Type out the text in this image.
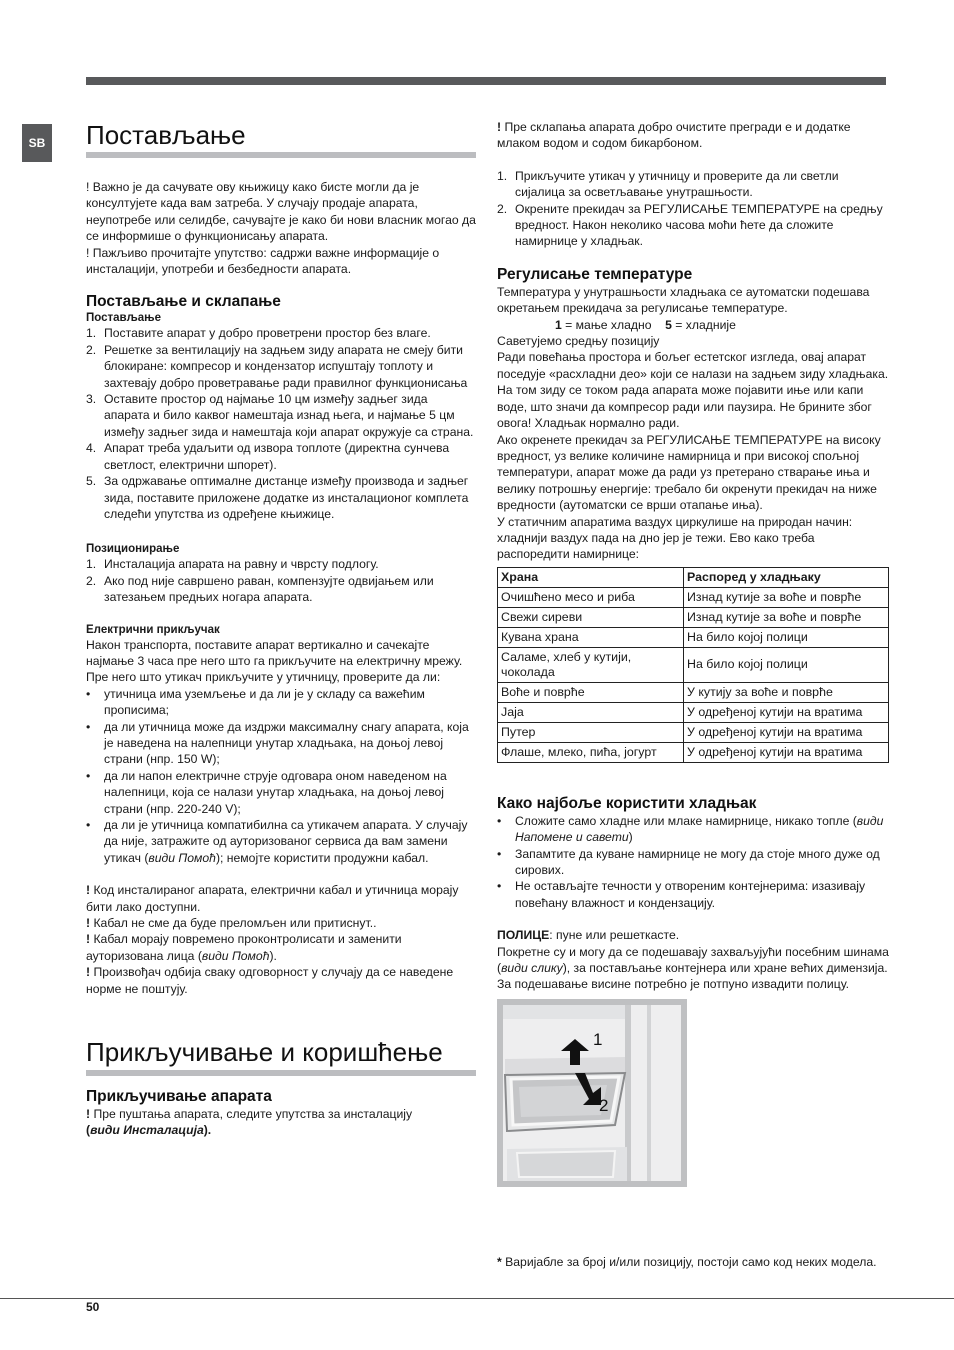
SB Постављање

! Важно је да сачувате ову књижицу како бисте могли да је консултујете када вам затреба. У случају продаје апарата, неупотребе или селидбе, сачувајте је како би нови власник могао да се информише о функционисању апарата.

! Пажљиво прочитајте упутство: садржи важне информације о инсталацији, употреби и безбедности апарата.

Постављање и склапање
Постављање
1. Поставите апарат у добро проветрени простор без влаге.
2. Решетке за вентилацију на задњем зиду апарата не смеју бити блокиране: компресор и кондензатор испуштају топлоту и захтевају добро проветравање ради правилног функционисања
3. Оставите простор од најмање 10 цм између задњег зида апарата и било каквог намештаја изнад њега, и најмање 5 цм између задњег зида и намештаја који апарат окружује са страна.
4. Апарат треба удаљити од извора топлоте (директна сунчева светлост, електрични шпорет).
5. За одржавање оптималне дистанце између производа и задњег зида, поставите приложене додатке из инсталационог комплета следећи упутства из одређене књижице.
Позиционирање
1. Инсталација апарата на равну и чврсту подлогу.
2. Ако под није савршено раван, компензујте одвијањем или затезањем предњих ногара апарата.
Електрични прикључак

Након транспорта, поставите апарат вертикално и сачекајте најмање 3 часа пре него што га прикључите на електричну мрежу. Пре него што утикач прикључите у утичницу, проверите да ли:

• утичница има уземљење и да ли је у складу са важећим прописима;
• да ли утичница може да издржи максималну снагу апарата, која је наведена на налепници унутар хладњака, на доњој левој страни (нпр. 150 W);
• да ли напон електричне струје одговара оном наведеном на налепници, која се налази унутар хладњака, на доњој левој страни (нпр. 220-240 V);
• да ли је утичница компатибилна са утикачем апарата. У случају да није, затражите од ауторизованог сервиса да вам замени утикач (види Помоћ); немојте користити продужни кабал.

! Код инсталираног апарата, електрични кабал и утичница морају бити лако доступни.

! Кабал не сме да буде преломљен или притиснут..

! Кабал морају повремено проконтролисати и заменити ауторизована лица (види Помоћ).

! Произвођач одбија сваку одговорност у случају да се наведене норме не поштују.

Прикључивање и коришћење
Прикључивање апарата

! Пре пуштања апарата, следите упутства за инсталацију
(види Инсталација).

! Пре склапања апарата добро очистите прегради е и додатке млаком водом и содом бикарбоном.

1. Прикључите утикач у утичницу и проверите да ли светли сијалица за осветљавање унутрашњости.
2. Окрените прекидач за РЕГУЛИСАЊЕ ТЕМПЕРАТУРЕ на средњу вредност. Након неколико часова моћи ћете да сложите намирнице у хладњак.
Регулисање температуре

Температура у унутрашњости хладњака се аутоматски подешава окретањем прекидача за регулисање температуре.

1 = мање хладно 5 = хладније

Саветујемо средњу позицију

Ради повећања простора и бољег естетског изгледа, овај апарат поседује «расхладни део» који се налази на задњем зиду хладњака. На том зиду се током рада апарата може појавити иње или капи воде, што значи да компресор ради или паузира. Не брините због овога! Хладњак нормално ради.

Ако окренете прекидач за РЕГУЛИСАЊЕ ТЕМПЕРАТУРЕ на високу вредност, уз велике количине намирница и при високој спољној температури, апарат може да ради уз претерано стварање иња и велику потрошњу енергије: требало би окренути прекидач на ниже вредности (аутоматски се врши отапање иња).

У статичним апаратима ваздух циркулише на природан начин: хладнији ваздух пада на дно јер је тежи. Ево како треба распоредити намирнице:

Храна	Распоред у хладњаку
Очишћено месо и риба	Изнад кутије за воће и поврће
Свежи сиреви	Изнад кутије за воће и поврће
Кувана храна	На било којој полици
Саламе, хлеб у кутији, чоколада	На било којој полици
Воће и поврће	У кутију за воће и поврће
Јаја	У одређеној кутији на вратима
Путер	У одређеној кутији на вратима
Флаше, млеко, пића, јогурт	У одређеној кутији на вратима
Како најбоље користити хладњак
• Сложите само хладне или млаке намирнице, никако топле (види Напомене и савети)
• Запамтите да куване намирнице не могу да стоје много дуже од сирових.
• Не остављајте течности у отвореним контејнерима: изазивају повећану влажност и кондензацију.

ПОЛИЦЕ: пуне или решеткасте.

Покретне су и могу да се подешавају захваљујући посебним шинама (види слику), за постављање контејнера или хране већих димензија. За подешавање висине потребно је потпуно извадити полицу.

1
2

* Варијабле за број и/или позицију, постоји само код неких модела.

50
